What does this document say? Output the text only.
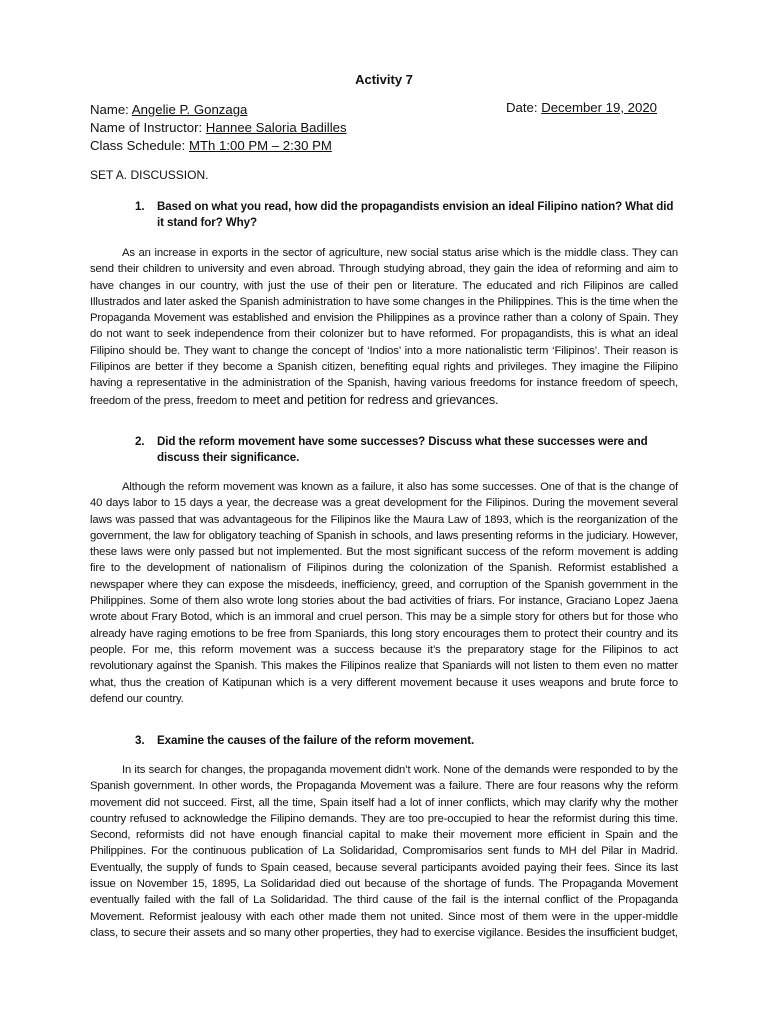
Activity 7
Name: Angelie P. Gonzaga	Date: December 19, 2020
Name of Instructor: Hannee Saloria Badilles
Class Schedule: MTh 1:00 PM – 2:30 PM
SET A. DISCUSSION.
1. Based on what you read, how did the propagandists envision an ideal Filipino nation? What did it stand for? Why?
As an increase in exports in the sector of agriculture, new social status arise which is the middle class. They can send their children to university and even abroad. Through studying abroad, they gain the idea of reforming and aim to have changes in our country, with just the use of their pen or literature. The educated and rich Filipinos are called Illustrados and later asked the Spanish administration to have some changes in the Philippines. This is the time when the Propaganda Movement was established and envision the Philippines as a province rather than a colony of Spain. They do not want to seek independence from their colonizer but to have reformed. For propagandists, this is what an ideal Filipino should be. They want to change the concept of ‘Indios’ into a more nationalistic term ‘Filipinos’. Their reason is Filipinos are better if they become a Spanish citizen, benefiting equal rights and privileges. They imagine the Filipino having a representative in the administration of the Spanish, having various freedoms for instance freedom of speech, freedom of the press, freedom to meet and petition for redress and grievances.
2. Did the reform movement have some successes? Discuss what these successes were and discuss their significance.
Although the reform movement was known as a failure, it also has some successes. One of that is the change of 40 days labor to 15 days a year, the decrease was a great development for the Filipinos. During the movement several laws was passed that was advantageous for the Filipinos like the Maura Law of 1893, which is the reorganization of the government, the law for obligatory teaching of Spanish in schools, and laws presenting reforms in the judiciary. However, these laws were only passed but not implemented. But the most significant success of the reform movement is adding fire to the development of nationalism of Filipinos during the colonization of the Spanish. Reformist established a newspaper where they can expose the misdeeds, inefficiency, greed, and corruption of the Spanish government in the Philippines. Some of them also wrote long stories about the bad activities of friars. For instance, Graciano Lopez Jaena wrote about Frary Botod, which is an immoral and cruel person. This may be a simple story for others but for those who already have raging emotions to be free from Spaniards, this long story encourages them to protect their country and its people. For me, this reform movement was a success because it’s the preparatory stage for the Filipinos to act revolutionary against the Spanish. This makes the Filipinos realize that Spaniards will not listen to them even no matter what, thus the creation of Katipunan which is a very different movement because it uses weapons and brute force to defend our country.
3. Examine the causes of the failure of the reform movement.
In its search for changes, the propaganda movement didn’t work. None of the demands were responded to by the Spanish government. In other words, the Propaganda Movement was a failure. There are four reasons why the reform movement did not succeed. First, all the time, Spain itself had a lot of inner conflicts, which may clarify why the mother country refused to acknowledge the Filipino demands. They are too pre-occupied to hear the reformist during this time. Second, reformists did not have enough financial capital to make their movement more efficient in Spain and the Philippines. For the continuous publication of La Solidaridad, Compromisarios sent funds to MH del Pilar in Madrid. Eventually, the supply of funds to Spain ceased, because several participants avoided paying their fees. Since its last issue on November 15, 1895, La Solidaridad died out because of the shortage of funds. The Propaganda Movement eventually failed with the fall of La Solidaridad. The third cause of the fail is the internal conflict of the Propaganda Movement. Reformist jealousy with each other made them not united. Since most of them were in the upper-middle class, to secure their assets and so many other properties, they had to exercise vigilance. Besides the insufficient budget,
